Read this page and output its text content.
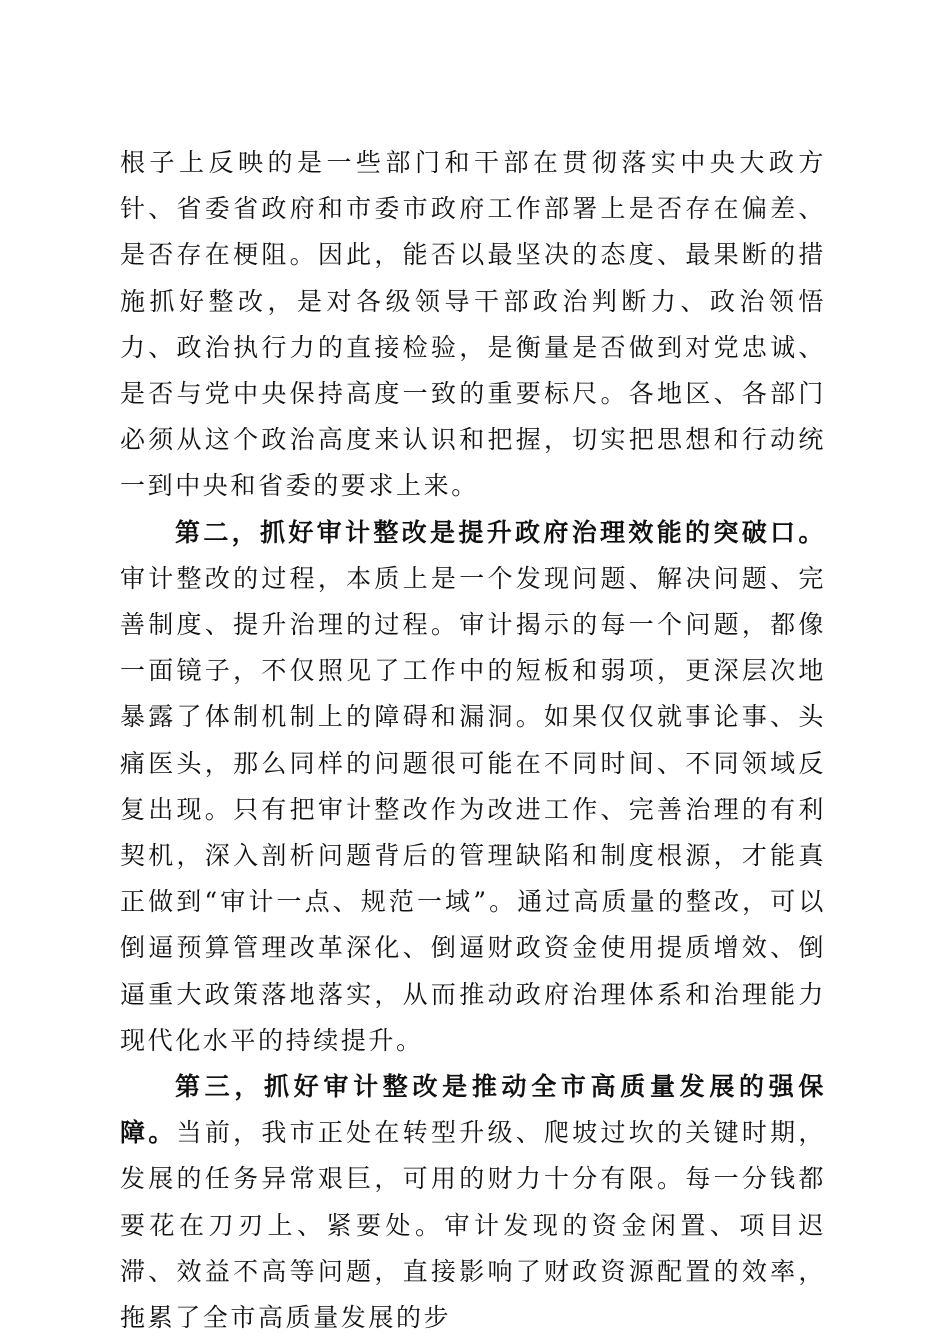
根子上反映的是一些部门和干部在贯彻落实中央大政方针、省委省政府和市委市政府工作部署上是否存在偏差、是否存在梗阻。因此，能否以最坚决的态度、最果断的措施抓好整改，是对各级领导干部政治判断力、政治领悟力、政治执行力的直接检验，是衡量是否做到对党忠诚、是否与党中央保持高度一致的重要标尺。各地区、各部门必须从这个政治高度来认识和把握，切实把思想和行动统一到中央和省委的要求上来。

第二，抓好审计整改是提升政府治理效能的突破口。审计整改的过程，本质上是一个发现问题、解决问题、完善制度、提升治理的过程。审计揭示的每一个问题，都像一面镜子，不仅照见了工作中的短板和弱项，更深层次地暴露了体制机制上的障碍和漏洞。如果仅仅就事论事、头痛医头，那么同样的问题很可能在不同时间、不同领域反复出现。只有把审计整改作为改进工作、完善治理的有利契机，深入剖析问题背后的管理缺陷和制度根源，才能真正做到“审计一点、规范一域”。通过高质量的整改，可以倒逼预算管理改革深化、倒逼财政资金使用提质增效、倒逼重大政策落地落实，从而推动政府治理体系和治理能力现代化水平的持续提升。

第三，抓好审计整改是推动全市高质量发展的强保障。当前，我市正处在转型升级、爬坡过坎的关键时期，发展的任务异常艰巨，可用的财力十分有限。每一分钱都要花在刀刃上、紧要处。审计发现的资金闲置、项目迟滞、效益不高等问题，直接影响了财政资源配置的效率，拖累了全市高质量发展的步
